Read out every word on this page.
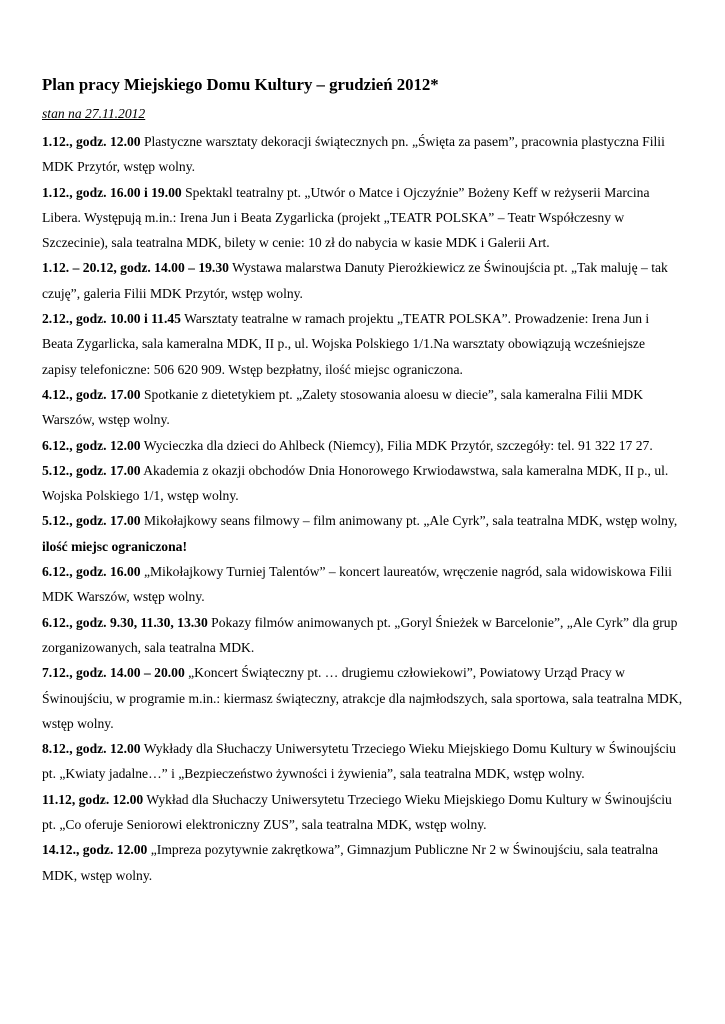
Plan pracy Miejskiego Domu Kultury – grudzień 2012*
stan na 27.11.2012
1.12., godz. 12.00 Plastyczne warsztaty dekoracji świątecznych pn. „Święta za pasem”, pracownia plastyczna Filii MDK Przytór, wstęp wolny.
1.12., godz. 16.00 i 19.00 Spektakl teatralny pt. „Utwór o Matce i Ojczyźnie” Bożeny Keff w reżyserii Marcina Libera. Występują m.in.: Irena Jun i Beata Zygarlicka (projekt „TEATR POLSKA” – Teatr Współczesny w Szczecinie), sala teatralna MDK, bilety w cenie: 10 zł do nabycia w kasie MDK i Galerii Art.
1.12. – 20.12, godz. 14.00 – 19.30 Wystawa malarstwa Danuty Pierożkiewicz ze Świnoujścia pt. „Tak maluję – tak czuję”, galeria Filii MDK Przytór, wstęp wolny.
2.12., godz. 10.00 i 11.45 Warsztaty teatralne w ramach projektu „TEATR POLSKA”. Prowadzenie: Irena Jun i Beata Zygarlicka, sala kameralna MDK, II p., ul. Wojska Polskiego 1/1.Na warsztaty obowiązują wcześniejsze zapisy telefoniczne: 506 620 909. Wstęp bezpłatny, ilość miejsc ograniczona.
4.12., godz. 17.00 Spotkanie z dietetykiem pt. „Zalety stosowania aloesu w diecie”, sala kameralna Filii MDK Warszów, wstęp wolny.
6.12., godz. 12.00 Wycieczka dla dzieci do Ahlbeck (Niemcy), Filia MDK Przytór, szczegóły: tel. 91 322 17 27.
5.12., godz. 17.00 Akademia z okazji obchodów Dnia Honorowego Krwiodawstwa, sala kameralna MDK, II p., ul. Wojska Polskiego 1/1, wstęp wolny.
5.12., godz. 17.00 Mikołajkowy seans filmowy – film animowany pt. „Ale Cyrk”, sala teatralna MDK, wstęp wolny, ilość miejsc ograniczona!
6.12., godz. 16.00 „Mikołajkowy Turniej Talentów” – koncert laureatów, wręczenie nagród, sala widowiskowa Filii MDK Warszów, wstęp wolny.
6.12., godz. 9.30, 11.30, 13.30 Pokazy filmów animowanych pt. „Goryl Śnieżek w Barcelonie”, „Ale Cyrk” dla grup zorganizowanych, sala teatralna MDK.
7.12., godz. 14.00 – 20.00 „Koncert Świąteczny pt. … drugiemu człowiekowi”, Powiatowy Urząd Pracy w Świnoujściu, w programie m.in.: kiermasz świąteczny, atrakcje dla najmłodszych, sala sportowa, sala teatralna MDK, wstęp wolny.
8.12., godz. 12.00 Wykłady dla Słuchaczy Uniwersytetu Trzeciego Wieku Miejskiego Domu Kultury w Świnoujściu pt. „Kwiaty jadalne…” i „Bezpieczeństwo żywności i żywienia”, sala teatralna MDK, wstęp wolny.
11.12, godz. 12.00 Wykład dla Słuchaczy Uniwersytetu Trzeciego Wieku Miejskiego Domu Kultury w Świnoujściu pt. „Co oferuje Seniorowi elektroniczny ZUS”, sala teatralna MDK, wstęp wolny.
14.12., godz. 12.00 „Impreza pozytywnie zakrętkowa”, Gimnazjum Publiczne Nr 2 w Świnoujściu, sala teatralna MDK, wstęp wolny.
